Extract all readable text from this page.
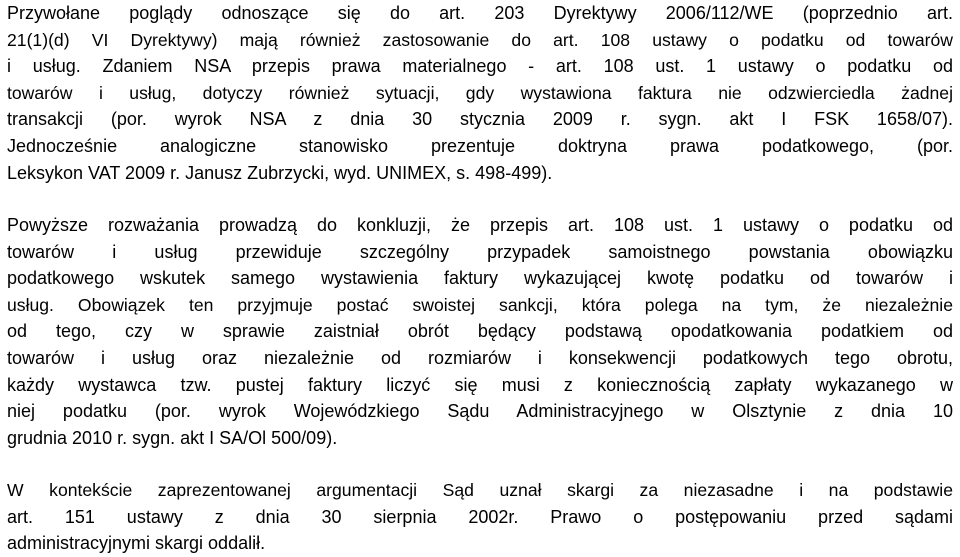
Przywołane poglądy odnoszące się do art. 203 Dyrektywy 2006/112/WE (poprzednio art.
21(1)(d) VI Dyrektywy) mają również zastosowanie do art. 108 ustawy o podatku od towarów
i usług. Zdaniem NSA przepis prawa materialnego - art. 108 ust. 1 ustawy o podatku od
towarów i usług, dotyczy również sytuacji, gdy wystawiona faktura nie odzwierciedla żadnej
transakcji (por. wyrok NSA z dnia 30 stycznia 2009 r. sygn. akt I FSK 1658/07).
Jednocześnie analogiczne stanowisko prezentuje doktryna prawa podatkowego, (por.
Leksykon VAT 2009 r. Janusz Zubrzycki, wyd. UNIMEX, s. 498-499).
Powyższe rozważania prowadzą do konkluzji, że przepis art. 108 ust. 1 ustawy o podatku od
towarów i usług przewiduje szczególny przypadek samoistnego powstania obowiązku
podatkowego wskutek samego wystawienia faktury wykazującej kwotę podatku od towarów i
usług. Obowiązek ten przyjmuje postać swoistej sankcji, która polega na tym, że niezależnie
od tego, czy w sprawie zaistniał obrót będący podstawą opodatkowania podatkiem od
towarów i usług oraz niezależnie od rozmiarów i konsekwencji podatkowych tego obrotu,
każdy wystawca tzw. pustej faktury liczyć się musi z koniecznością zapłaty wykazanego w
niej podatku (por. wyrok Wojewódzkiego Sądu Administracyjnego w Olsztynie z dnia 10
grudnia 2010 r. sygn. akt I SA/Ol 500/09).
W kontekście zaprezentowanej argumentacji Sąd uznał skargi za niezasadne i na podstawie
art. 151 ustawy z dnia 30 sierpnia 2002r. Prawo o postępowaniu przed sądami
administracyjnymi skargi oddalił.
